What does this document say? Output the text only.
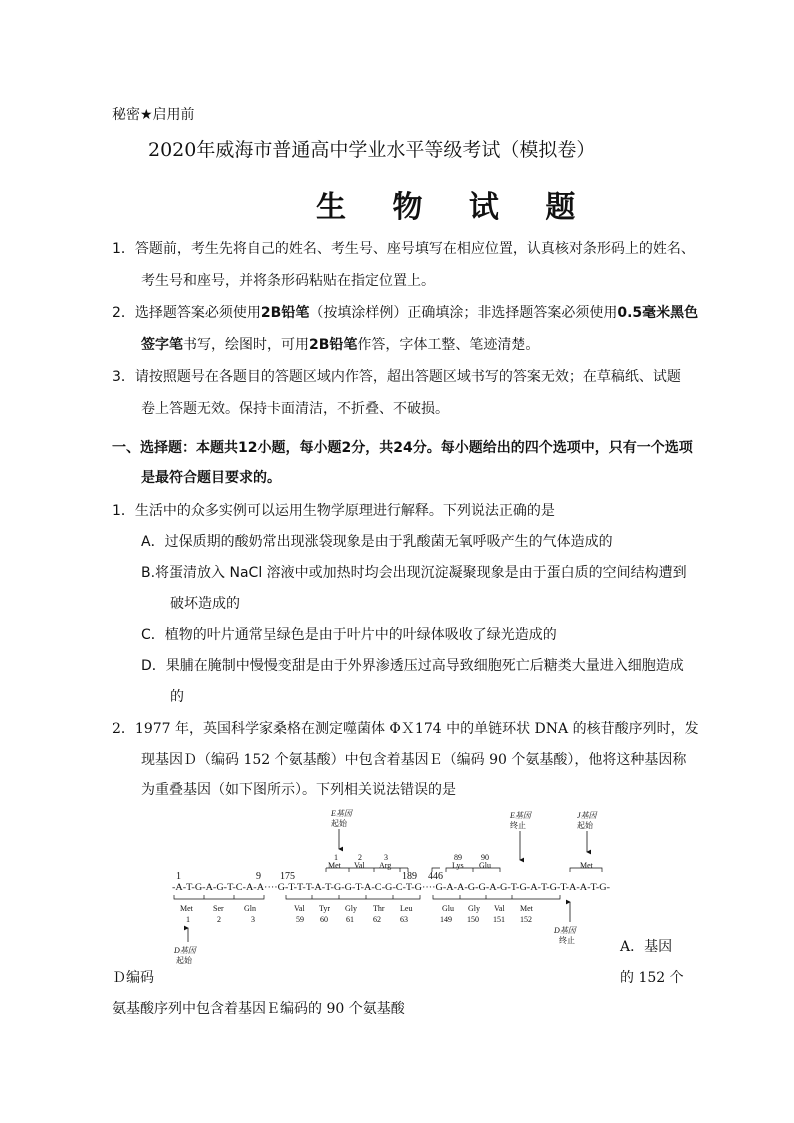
秘密★启用前
2020年威海市普通高中学业水平等级考试（模拟卷）
生 物 试 题
1．答题前，考生先将自己的姓名、考生号、座号填写在相应位置，认真核对条形码上的姓名、
考生号和座号，并将条形码粘贴在指定位置上。
2．选择题答案必须使用2B铅笔（按填涂样例）正确填涂；非选择题答案必须使用0.5毫米黑色
签字笔书写，绘图时，可用2B铅笔作答，字体工整、笔迹清楚。
3．请按照题号在各题目的答题区域内作答，超出答题区域书写的答案无效；在草稿纸、试题
卷上答题无效。保持卡面清洁，不折叠、不破损。
一、选择题：本题共12小题，每小题2分，共24分。每小题给出的四个选项中，只有一个选项
是最符合题目要求的。
1．生活中的众多实例可以运用生物学原理进行解释。下列说法正确的是
A．过保质期的酸奶常出现涨袋现象是由于乳酸菌无氧呼吸产生的气体造成的
B.将蛋清放入 NaCl 溶液中或加热时均会出现沉淀凝聚现象是由于蛋白质的空间结构遭到
破坏造成的
C．植物的叶片通常呈绿色是由于叶片中的叶绿体吸收了绿光造成的
D．果脯在腌制中慢慢变甜是由于外界渗透压过高导致细胞死亡后糖类大量进入细胞造成
的
2．1977 年，英国科学家桑格在测定噬菌体 ΦＸ174 中的单链环状 DNA 的核苷酸序列时，发
现基因Ｄ（编码 152 个氨基酸）中包含着基因Ｅ（编码 90 个氨基酸），他将这种基因称
为重叠基因（如下图所示）。下列相关说法错误的是
E基因
起始
E基因
终止
J基因
起始
1
Met
2
Val
3
Arg
89
Lys
90
Glu	Met
1	9 175	189 446
-A-T-G-A-G-T-C-A-A····G-T-T-T-A-T-G-G-T-A-C-G-C-T-G····G-A-A-G-G-A-G-T-G-A-T-G-T-A-A-T-G-
Met
1
Ser
2
Gln
3
Val
59
Tyr
60
Gly
61
Thr
62
Leu
63
Glu
149
Gly
150
Val
151
Met
152
D基因
起始
D基因
终止	A．基因
Ｄ编码	的 152 个
氨基酸序列中包含着基因Ｅ编码的 90 个氨基酸
